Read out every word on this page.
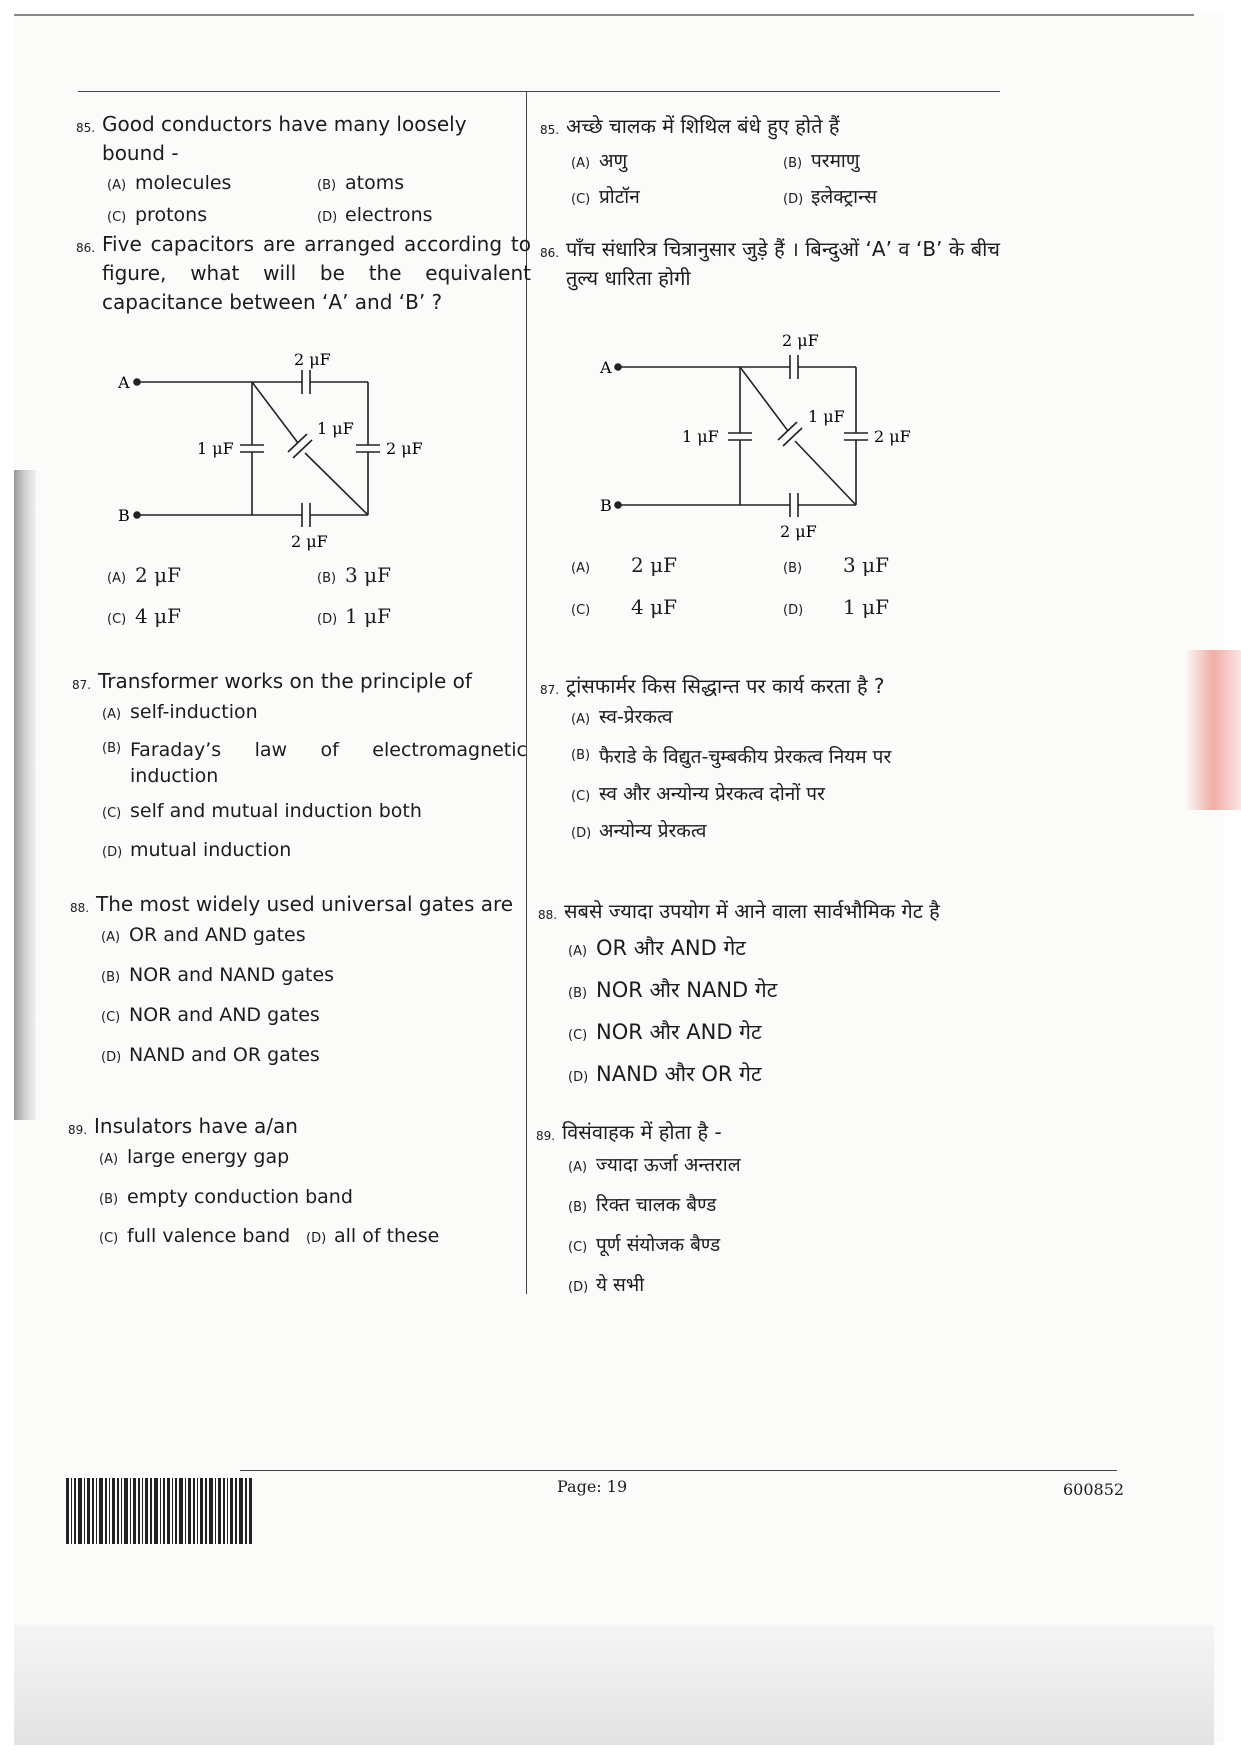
85. Good conductors have many loosely bound -
(A) molecules	(B) atoms
(C) protons	(D) electrons
85. अच्छे चालक में शिथिल बंधे हुए होते हैं
(A) अणु	(B) परमाणु
(C) प्रोटॉन	(D) इलेक्ट्रान्स
86. Five capacitors are arranged according to figure, what will be the equivalent capacitance between ‘A’ and ‘B’ ?
A
B
2 μF
2 μF
1 μF
1 μF
2 μF
(A) 2 μF	(B) 3 μF
(C) 4 μF	(D) 1 μF
86. पाँच संधारित्र चित्रानुसार जुड़े हैं । बिन्दुओं ‘A’ व ‘B’ के बीच तुल्य धारिता होगी
A
B
2 μF
2 μF
1 μF
1 μF
2 μF
(A) 2 μF	(B) 3 μF
(C) 4 μF	(D) 1 μF
87. Transformer works on the principle of
(A) self-induction
(B) Faraday’s law of electromagnetic induction
(C) self and mutual induction both
(D) mutual induction
87. ट्रांसफार्मर किस सिद्धान्त पर कार्य करता है ?
(A) स्व-प्रेरकत्व
(B) फैराडे के विद्युत-चुम्बकीय प्रेरकत्व नियम पर
(C) स्व और अन्योन्य प्रेरकत्व दोनों पर
(D) अन्योन्य प्रेरकत्व
88. The most widely used universal gates are
(A) OR and AND gates
(B) NOR and NAND gates
(C) NOR and AND gates
(D) NAND and OR gates
88. सबसे ज्यादा उपयोग में आने वाला सार्वभौमिक गेट है
(A) OR और AND गेट
(B) NOR और NAND गेट
(C) NOR और AND गेट
(D) NAND और OR गेट
89. Insulators have a/an
(A) large energy gap
(B) empty conduction band
(C) full valence band	(D) all of these
89. विसंवाहक में होता है -
(A) ज्यादा ऊर्जा अन्तराल
(B) रिक्त चालक बैण्ड
(C) पूर्ण संयोजक बैण्ड
(D) ये सभी
Page: 19	600852
